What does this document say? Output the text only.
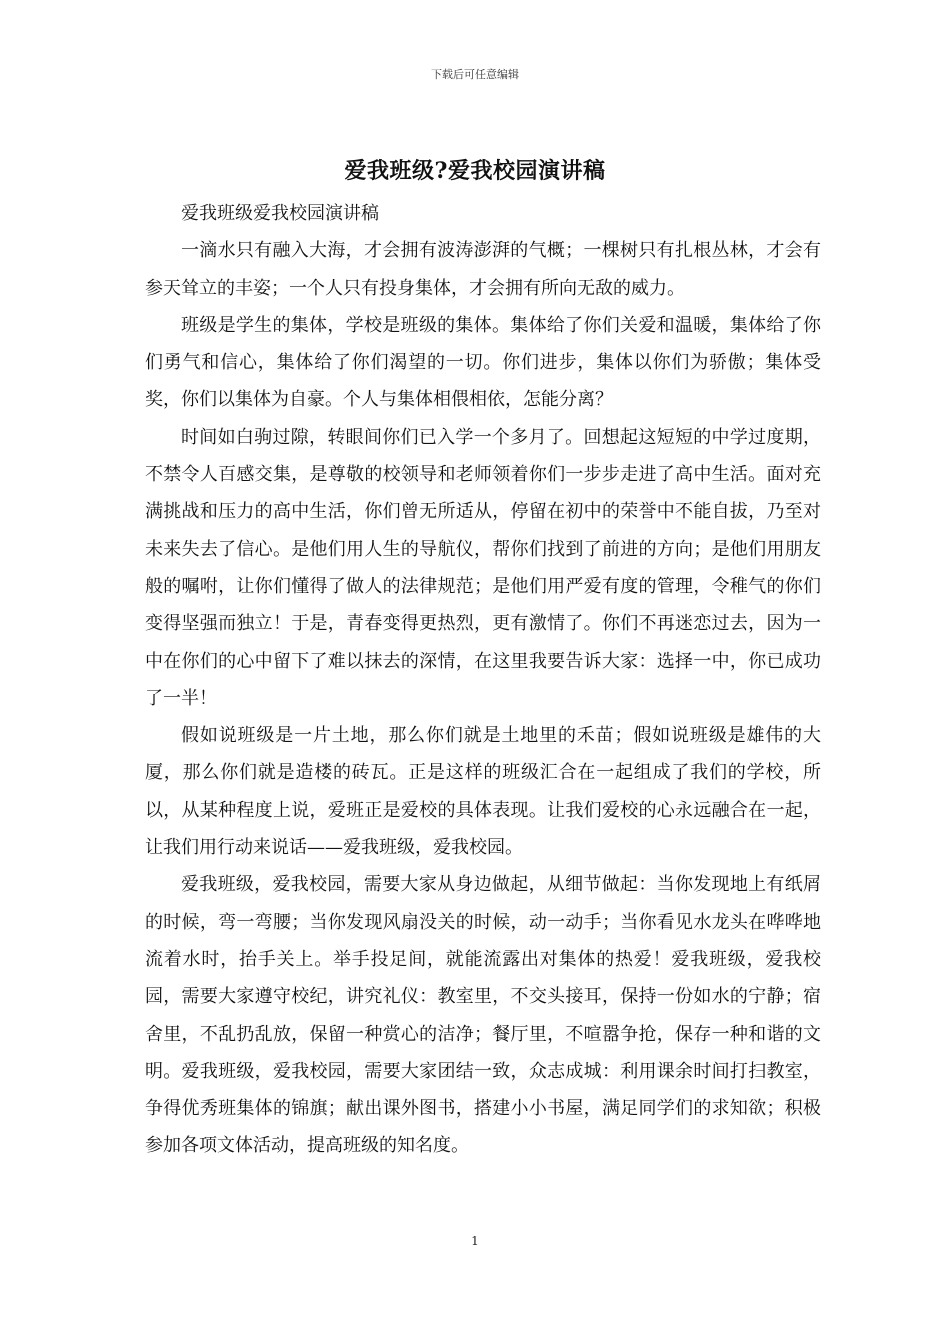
下载后可任意编辑
爱我班级?爱我校园演讲稿

爱我班级爱我校园演讲稿

一滴水只有融入大海，才会拥有波涛澎湃的气概；一棵树只有扎根丛林，才会有参天耸立的丰姿；一个人只有投身集体，才会拥有所向无敌的威力。

班级是学生的集体，学校是班级的集体。集体给了你们关爱和温暖，集体给了你们勇气和信心，集体给了你们渴望的一切。你们进步，集体以你们为骄傲；集体受奖，你们以集体为自豪。个人与集体相偎相依，怎能分离？

时间如白驹过隙，转眼间你们已入学一个多月了。回想起这短短的中学过度期，不禁令人百感交集，是尊敬的校领导和老师领着你们一步步走进了高中生活。面对充满挑战和压力的高中生活，你们曾无所适从，停留在初中的荣誉中不能自拔，乃至对未来失去了信心。是他们用人生的导航仪，帮你们找到了前进的方向；是他们用朋友般的嘱咐，让你们懂得了做人的法律规范；是他们用严爱有度的管理，令稚气的你们变得坚强而独立！于是，青春变得更热烈，更有激情了。你们不再迷恋过去，因为一中在你们的心中留下了难以抹去的深情，在这里我要告诉大家：选择一中，你已成功了一半！

假如说班级是一片土地，那么你们就是土地里的禾苗；假如说班级是雄伟的大厦，那么你们就是造楼的砖瓦。正是这样的班级汇合在一起组成了我们的学校，所以，从某种程度上说，爱班正是爱校的具体表现。让我们爱校的心永远融合在一起，让我们用行动来说话——爱我班级，爱我校园。

爱我班级，爱我校园，需要大家从身边做起，从细节做起：当你发现地上有纸屑的时候，弯一弯腰；当你发现风扇没关的时候，动一动手；当你看见水龙头在哗哗地流着水时，抬手关上。举手投足间，就能流露出对集体的热爱！爱我班级，爱我校园，需要大家遵守校纪，讲究礼仪：教室里，不交头接耳，保持一份如水的宁静；宿舍里，不乱扔乱放，保留一种赏心的洁净；餐厅里，不喧嚣争抢，保存一种和谐的文明。爱我班级，爱我校园，需要大家团结一致，众志成城：利用课余时间打扫教室，争得优秀班集体的锦旗；献出课外图书，搭建小小书屋，满足同学们的求知欲；积极参加各项文体活动，提高班级的知名度。

1
